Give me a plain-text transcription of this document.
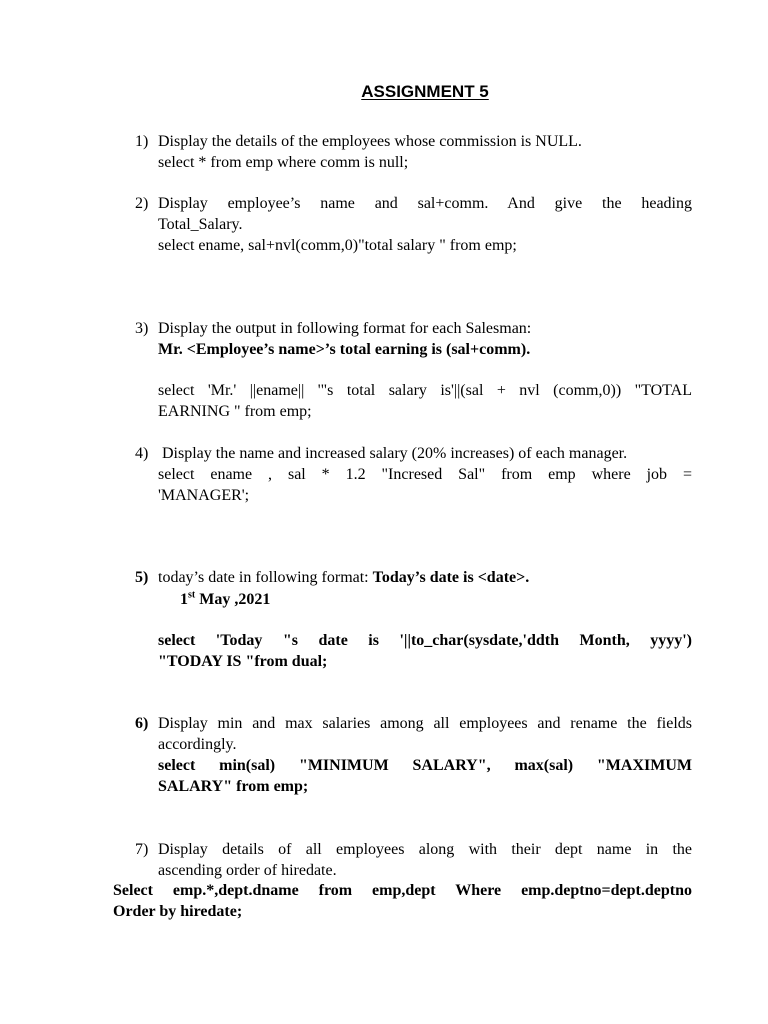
ASSIGNMENT 5
1) Display the details of the employees whose commission is NULL.
select * from emp where comm is null;
2) Display employee’s name and sal+comm. And give the heading
Total_Salary.
select ename, sal+nvl(comm,0)"total salary " from emp;
3) Display the output in following format for each Salesman:
Mr. <Employee’s name>’s total earning is (sal+comm).
select 'Mr.' ||ename|| '"s total salary is'||(sal + nvl (comm,0)) "TOTAL
EARNING " from emp;
4) Display the name and increased salary (20% increases) of each manager.
select ename , sal * 1.2 "Incresed Sal" from emp where job =
'MANAGER';
5) today’s date in following format: Today’s date is <date>.
1st May ,2021
select 'Today "s date is '||to_char(sysdate,'ddth Month, yyyy')
"TODAY IS "from dual;
6) Display min and max salaries among all employees and rename the fields
accordingly.
select min(sal) "MINIMUM SALARY", max(sal) "MAXIMUM
SALARY" from emp;
7) Display details of all employees along with their dept name in the
ascending order of hiredate.
Select emp.*,dept.dname from emp,dept Where emp.deptno=dept.deptno
Order by hiredate;
